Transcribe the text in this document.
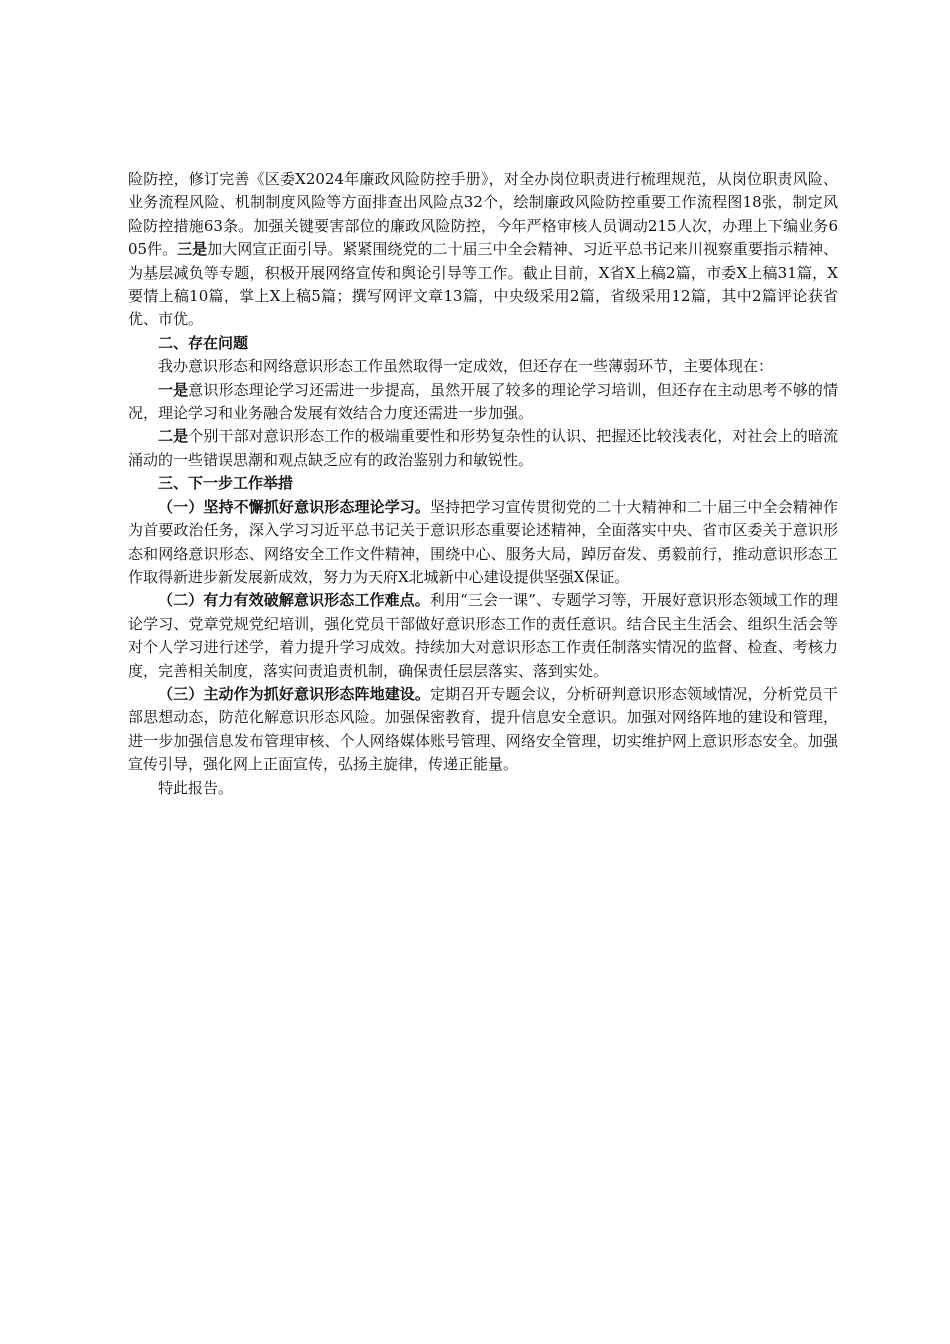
险防控，修订完善《区委X2024年廉政风险防控手册》，对全办岗位职责进行梳理规范，从岗位职责风险、业务流程风险、机制制度风险等方面排查出风险点32个，绘制廉政风险防控重要工作流程图18张，制定风险防控措施63条。加强关键要害部位的廉政风险防控，今年严格审核人员调动215人次，办理上下编业务605件。三是加大网宣正面引导。紧紧围绕党的二十届三中全会精神、习近平总书记来川视察重要指示精神、为基层减负等专题，积极开展网络宣传和舆论引导等工作。截止目前，X省X上稿2篇，市委X上稿31篇，X要情上稿10篇，掌上X上稿5篇；撰写网评文章13篇，中央级采用2篇，省级采用12篇，其中2篇评论获省优、市优。

二、存在问题

我办意识形态和网络意识形态工作虽然取得一定成效，但还存在一些薄弱环节，主要体现在：

一是意识形态理论学习还需进一步提高，虽然开展了较多的理论学习培训，但还存在主动思考不够的情况，理论学习和业务融合发展有效结合力度还需进一步加强。

二是个别干部对意识形态工作的极端重要性和形势复杂性的认识、把握还比较浅表化，对社会上的暗流涌动的一些错误思潮和观点缺乏应有的政治鉴别力和敏锐性。

三、下一步工作举措

（一）坚持不懈抓好意识形态理论学习。坚持把学习宣传贯彻党的二十大精神和二十届三中全会精神作为首要政治任务，深入学习习近平总书记关于意识形态重要论述精神，全面落实中央、省市区委关于意识形态和网络意识形态、网络安全工作文件精神，围绕中心、服务大局，踔厉奋发、勇毅前行，推动意识形态工作取得新进步新发展新成效，努力为天府X北城新中心建设提供坚强X保证。

（二）有力有效破解意识形态工作难点。利用“三会一课”、专题学习等，开展好意识形态领域工作的理论学习、党章党规党纪培训，强化党员干部做好意识形态工作的责任意识。结合民主生活会、组织生活会等对个人学习进行述学，着力提升学习成效。持续加大对意识形态工作责任制落实情况的监督、检查、考核力度，完善相关制度，落实问责追责机制，确保责任层层落实、落到实处。

（三）主动作为抓好意识形态阵地建设。定期召开专题会议，分析研判意识形态领域情况，分析党员干部思想动态，防范化解意识形态风险。加强保密教育，提升信息安全意识。加强对网络阵地的建设和管理，进一步加强信息发布管理审核、个人网络媒体账号管理、网络安全管理，切实维护网上意识形态安全。加强宣传引导，强化网上正面宣传，弘扬主旋律，传递正能量。

特此报告。
